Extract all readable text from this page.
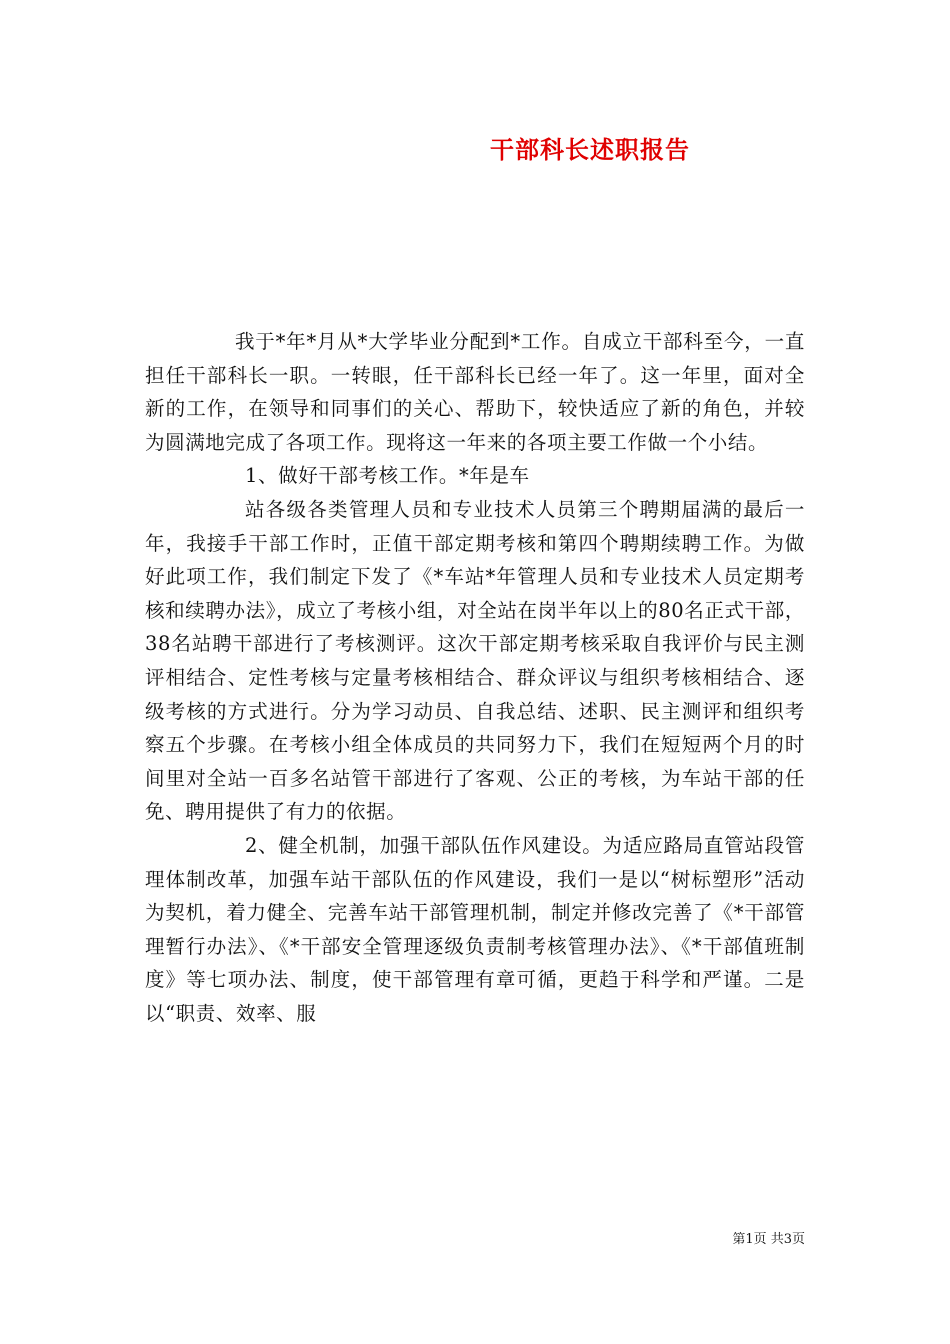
干部科长述职报告

我于*年*月从*大学毕业分配到*工作。自成立干部科至今，一直担任干部科长一职。一转眼，任干部科长已经一年了。这一年里，面对全新的工作，在领导和同事们的关心、帮助下，较快适应了新的角色，并较为圆满地完成了各项工作。现将这一年来的各项主要工作做一个小结。

1、做好干部考核工作。*年是车

站各级各类管理人员和专业技术人员第三个聘期届满的最后一年，我接手干部工作时，正值干部定期考核和第四个聘期续聘工作。为做好此项工作，我们制定下发了《*车站*年管理人员和专业技术人员定期考核和续聘办法》，成立了考核小组，对全站在岗半年以上的80名正式干部，38名站聘干部进行了考核测评。这次干部定期考核采取自我评价与民主测评相结合、定性考核与定量考核相结合、群众评议与组织考核相结合、逐级考核的方式进行。分为学习动员、自我总结、述职、民主测评和组织考察五个步骤。在考核小组全体成员的共同努力下，我们在短短两个月的时间里对全站一百多名站管干部进行了客观、公正的考核，为车站干部的任免、聘用提供了有力的依据。

2、健全机制，加强干部队伍作风建设。为适应路局直管站段管理体制改革，加强车站干部队伍的作风建设，我们一是以“树标塑形”活动为契机，着力健全、完善车站干部管理机制，制定并修改完善了《*干部管理暂行办法》、《*干部安全管理逐级负责制考核管理办法》、《*干部值班制度》等七项办法、制度，使干部管理有章可循，更趋于科学和严谨。二是以“职责、效率、服

第1页 共3页
